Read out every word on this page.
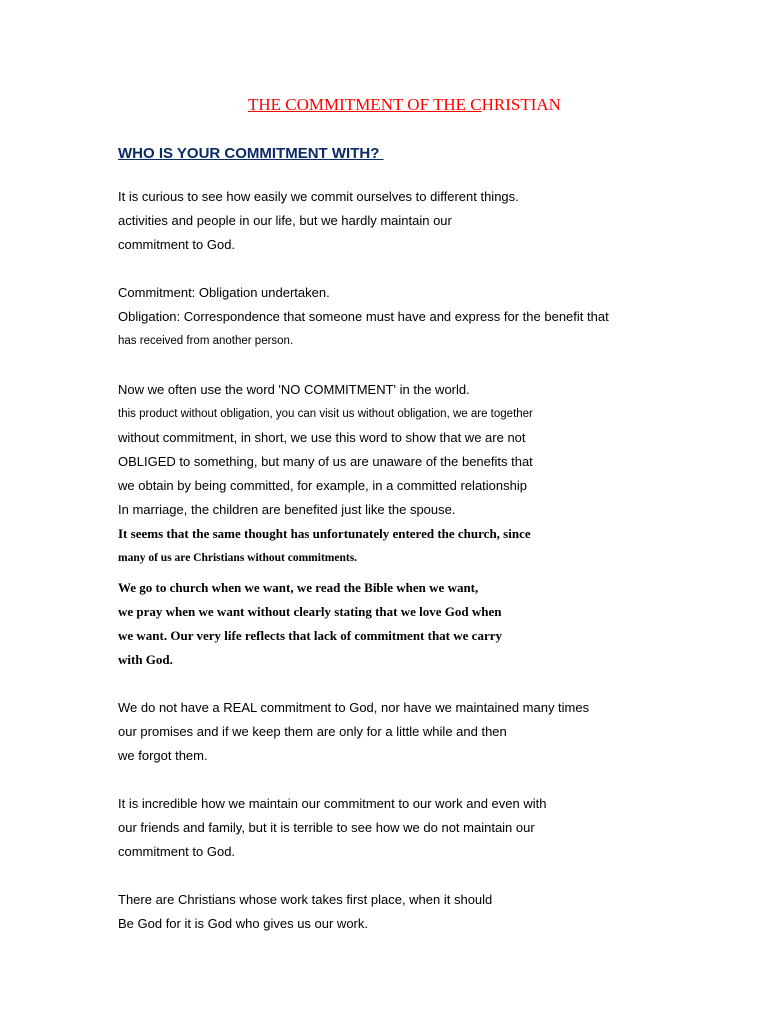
THE COMMITMENT OF THE CHRISTIAN
WHO IS YOUR COMMITMENT WITH?
It is curious to see how easily we commit ourselves to different things.
activities and people in our life, but we hardly maintain our
commitment to God.
Commitment: Obligation undertaken.
Obligation: Correspondence that someone must have and express for the benefit that
has received from another person.
Now we often use the word 'NO COMMITMENT' in the world.
this product without obligation, you can visit us without obligation, we are together
without commitment, in short, we use this word to show that we are not
OBLIGED to something, but many of us are unaware of the benefits that
we obtain by being committed, for example, in a committed relationship
In marriage, the children are benefited just like the spouse.
It seems that the same thought has unfortunately entered the church, since
many of us are Christians without commitments.
We go to church when we want, we read the Bible when we want,
we pray when we want without clearly stating that we love God when
we want. Our very life reflects that lack of commitment that we carry
with God.
We do not have a REAL commitment to God, nor have we maintained many times
our promises and if we keep them are only for a little while and then
we forgot them.
It is incredible how we maintain our commitment to our work and even with
our friends and family, but it is terrible to see how we do not maintain our
commitment to God.
There are Christians whose work takes first place, when it should
Be God for it is God who gives us our work.
